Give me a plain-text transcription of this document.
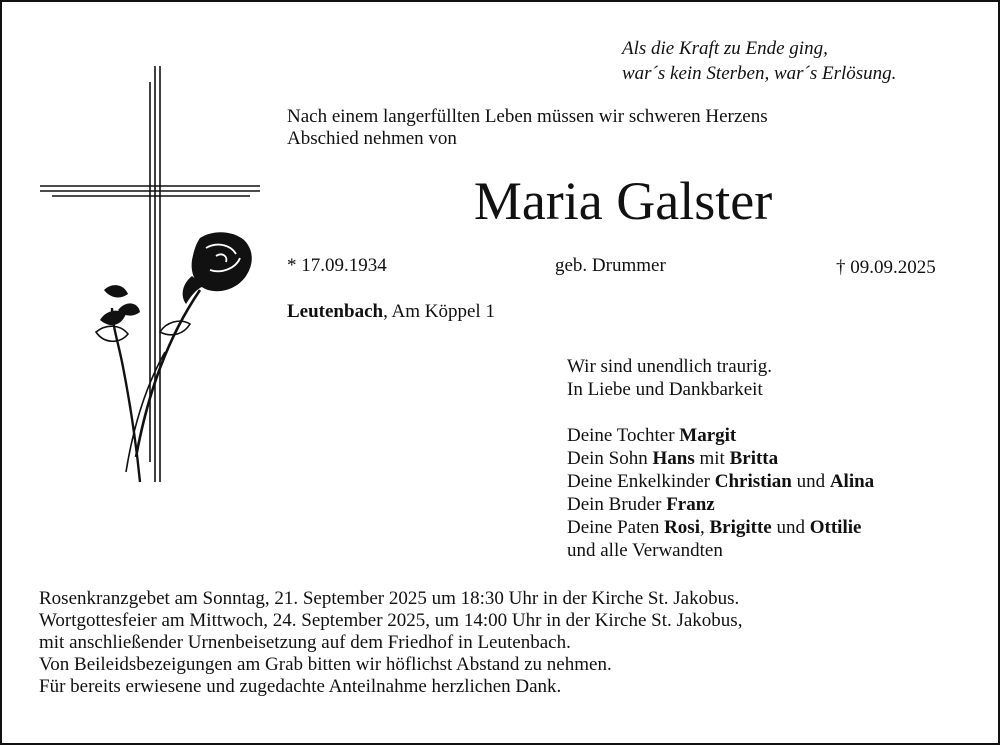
Als die Kraft zu Ende ging,
war´s kein Sterben, war´s Erlösung.
Nach einem langerfüllten Leben müssen wir schweren Herzens
Abschied nehmen von
Maria Galster
* 17.09.1934	geb. Drummer	† 09.09.2025
Leutenbach, Am Köppel 1
Wir sind unendlich traurig.
In Liebe und Dankbarkeit
Deine Tochter Margit
Dein Sohn Hans mit Britta
Deine Enkelkinder Christian und Alina
Dein Bruder Franz
Deine Paten Rosi, Brigitte und Ottilie
und alle Verwandten
Rosenkranzgebet am Sonntag, 21. September 2025 um 18:30 Uhr in der Kirche St. Jakobus.
Wortgottesfeier am Mittwoch, 24. September 2025, um 14:00 Uhr in der Kirche St. Jakobus,
mit anschließender Urnenbeisetzung auf dem Friedhof in Leutenbach.
Von Beileidsbezeigungen am Grab bitten wir höflichst Abstand zu nehmen.
Für bereits erwiesene und zugedachte Anteilnahme herzlichen Dank.
